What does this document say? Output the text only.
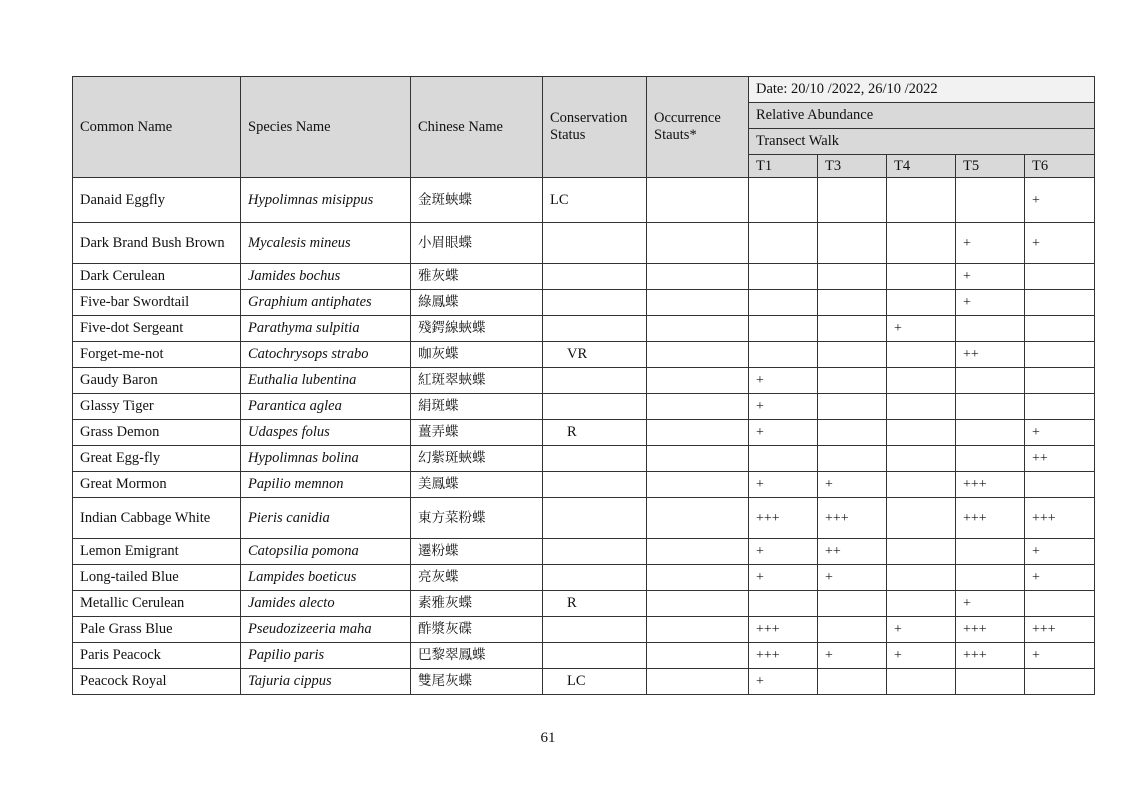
Common Name	Species Name	Chinese Name	Conservation Status	Occurrence Stauts*	Date: 20/10 /2022, 26/10 /2022				
					Relative Abundance				
					Transect Walk				
					T1	T3	T4	T5	T6
Danaid Eggfly	Hypolimnas misippus	金斑蛺蝶	LC						+
Dark Brand Bush Brown	Mycalesis mineus	小眉眼蝶						+	+
Dark Cerulean	Jamides bochus	雅灰蝶						+	
Five-bar Swordtail	Graphium antiphates	綠鳳蝶						+	
Five-dot Sergeant	Parathyma sulpitia	殘鍔線蛺蝶					+		
Forget-me-not	Catochrysops strabo	咖灰蝶	VR					++	
Gaudy Baron	Euthalia lubentina	紅斑翠蛺蝶			+				
Glassy Tiger	Parantica aglea	絹斑蝶			+				
Grass Demon	Udaspes folus	薑弄蝶	R		+				+
Great Egg-fly	Hypolimnas bolina	幻紫斑蛺蝶							++
Great Mormon	Papilio memnon	美鳳蝶			+	+		+++	
Indian Cabbage White	Pieris canidia	東方菜粉蝶			+++	+++		+++	+++
Lemon Emigrant	Catopsilia pomona	遷粉蝶			+	++			+
Long-tailed Blue	Lampides boeticus	亮灰蝶			+	+			+
Metallic Cerulean	Jamides alecto	素雅灰蝶	R					+	
Pale Grass Blue	Pseudozizeeria maha	酢漿灰碟			+++		+	+++	+++
Paris Peacock	Papilio paris	巴黎翠鳳蝶			+++	+	+	+++	+
Peacock Royal	Tajuria cippus	雙尾灰蝶	LC		+				
61
